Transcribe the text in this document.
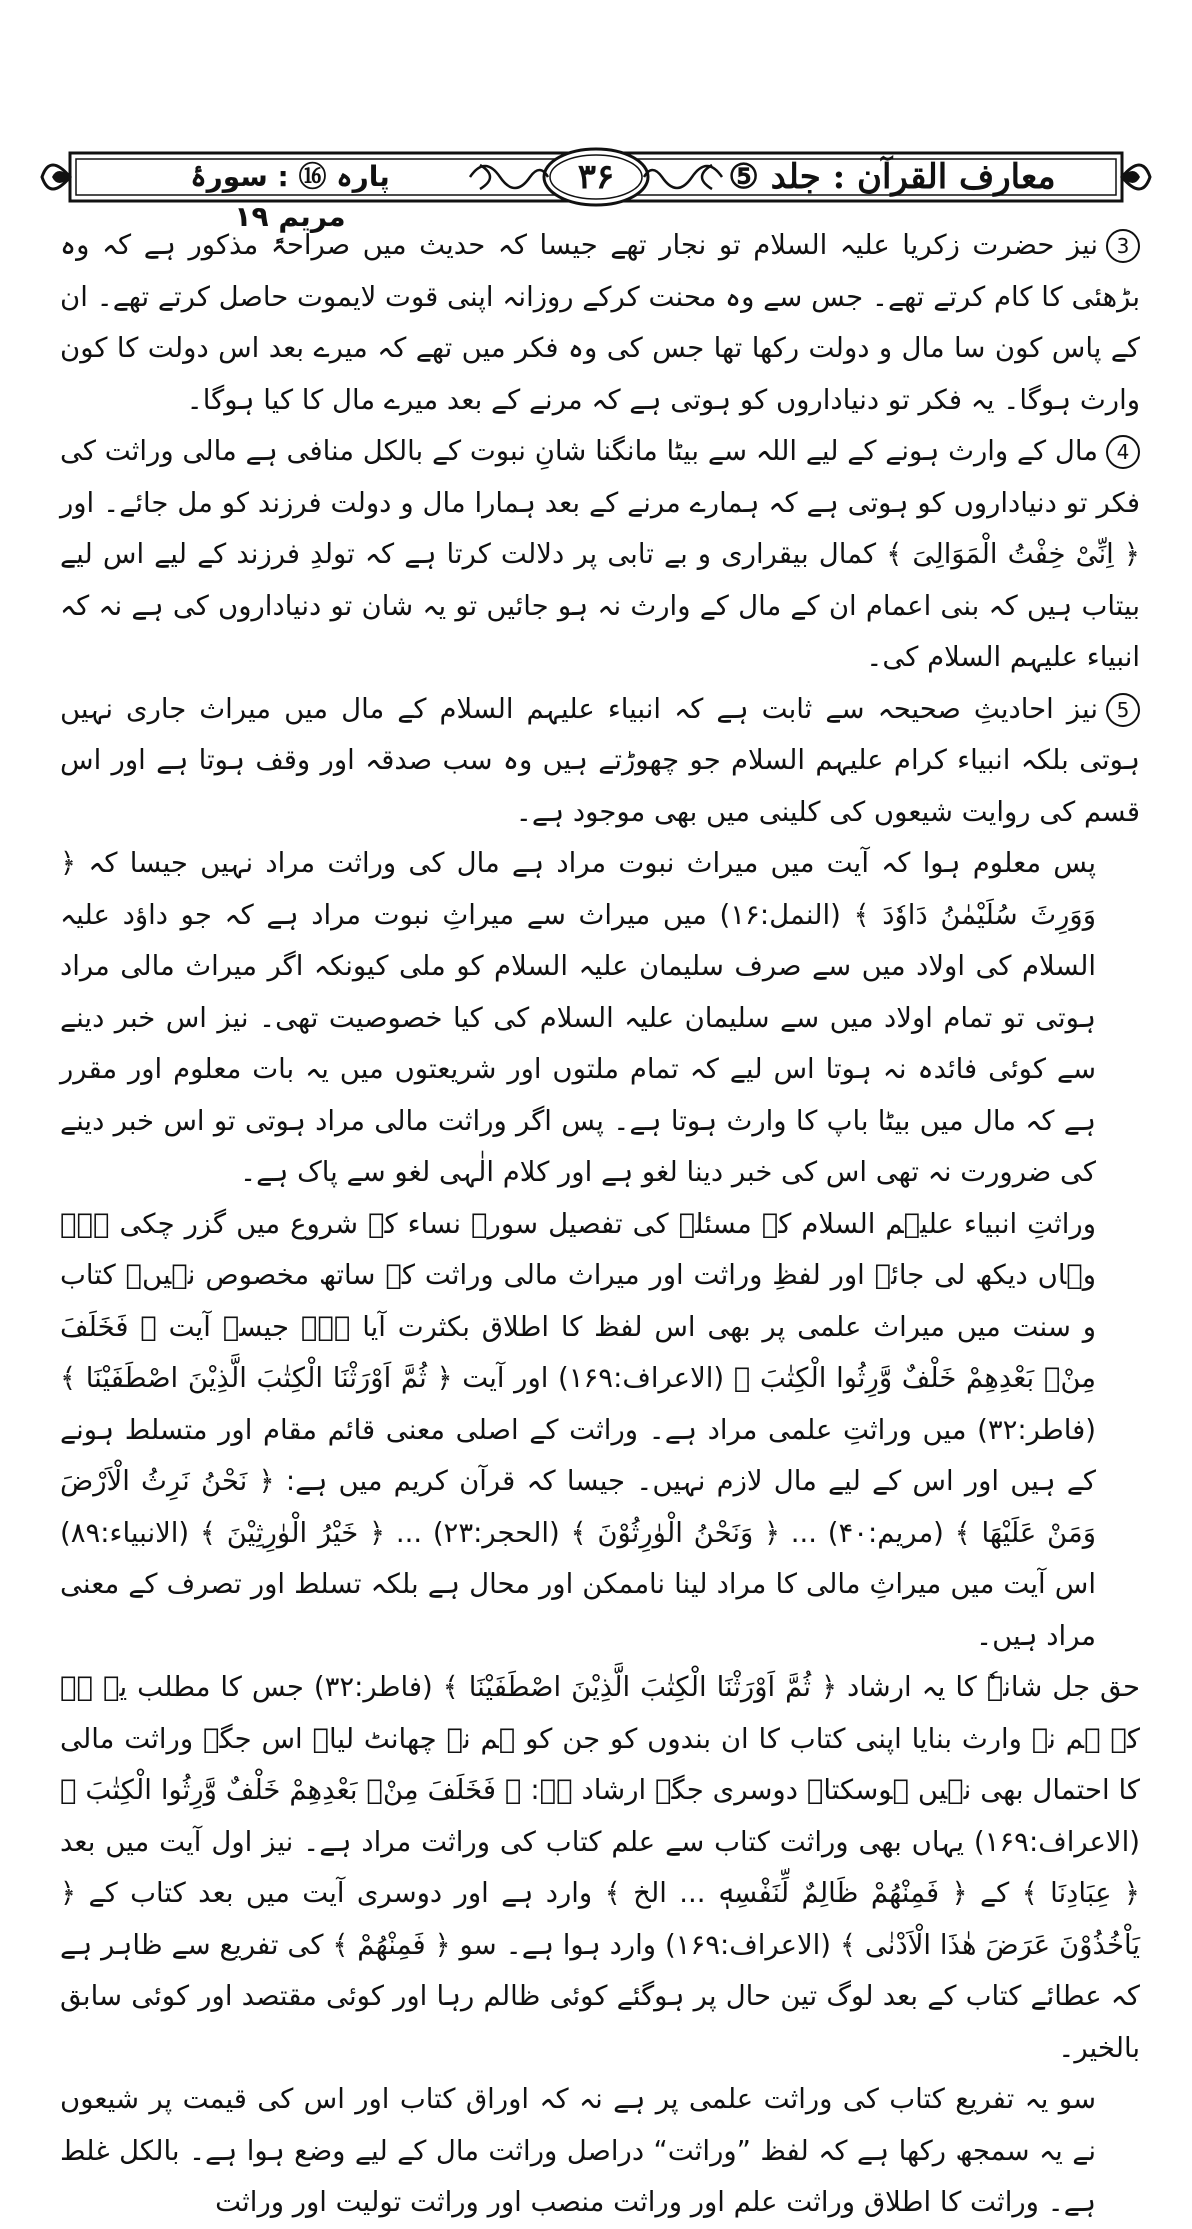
معارف القرآن : جلد ⑤
۳۶
پارہ ⑯ : سورۂ مریم ۱۹

3نیز حضرت زکریا علیہ السلام تو نجار تھے جیسا کہ حدیث میں صراحۃً مذکور ہے کہ وہ بڑھئی کا کام کرتے تھے۔ جس سے وہ محنت کرکے روزانہ اپنی قوت لایموت حاصل کرتے تھے۔ ان کے پاس کون سا مال و دولت رکھا تھا جس کی وہ فکر میں تھے کہ میرے بعد اس دولت کا کون وارث ہوگا۔ یہ فکر تو دنیاداروں کو ہوتی ہے کہ مرنے کے بعد میرے مال کا کیا ہوگا۔

4مال کے وارث ہونے کے لیے اللہ سے بیٹا مانگنا شانِ نبوت کے بالکل منافی ہے مالی وراثت کی فکر تو دنیاداروں کو ہوتی ہے کہ ہمارے مرنے کے بعد ہمارا مال و دولت فرزند کو مل جائے۔ اور ﴿ اِنِّیْ خِفْتُ الْمَوَالِیَ ﴾ کمال بیقراری و بے تابی پر دلالت کرتا ہے کہ تولدِ فرزند کے لیے اس لیے بیتاب ہیں کہ بنی اعمام ان کے مال کے وارث نہ ہو جائیں تو یہ شان تو دنیاداروں کی ہے نہ کہ انبیاء علیہم السلام کی۔

5نیز احادیثِ صحیحہ سے ثابت ہے کہ انبیاء علیہم السلام کے مال میں میراث جاری نہیں ہوتی بلکہ انبیاء کرام علیہم السلام جو چھوڑتے ہیں وہ سب صدقہ اور وقف ہوتا ہے اور اس قسم کی روایت شیعوں کی کلینی میں بھی موجود ہے۔

پس معلوم ہوا کہ آیت میں میراث نبوت مراد ہے مال کی وراثت مراد نہیں جیسا کہ ﴿ وَوَرِثَ سُلَیْمٰنُ دَاوٗدَ ﴾ (النمل:۱۶) میں میراث سے میراثِ نبوت مراد ہے کہ جو داؤد علیہ السلام کی اولاد میں سے صرف سلیمان علیہ السلام کو ملی کیونکہ اگر میراث مالی مراد ہوتی تو تمام اولاد میں سے سلیمان علیہ السلام کی کیا خصوصیت تھی۔ نیز اس خبر دینے سے کوئی فائدہ نہ ہوتا اس لیے کہ تمام ملتوں اور شریعتوں میں یہ بات معلوم اور مقرر ہے کہ مال میں بیٹا باپ کا وارث ہوتا ہے۔ پس اگر وراثت مالی مراد ہوتی تو اس خبر دینے کی ضرورت نہ تھی اس کی خبر دینا لغو ہے اور کلام الٰہی لغو سے پاک ہے۔

وراثتِ انبیاء علیہم السلام کے مسئلہ کی تفصیل سورۂ نساء کے شروع میں گزر چکی ہے۔ وہاں دیکھ لی جائے اور لفظِ وراثت اور میراث مالی وراثت کے ساتھ مخصوص نہیں۔ کتاب و سنت میں میراث علمی پر بھی اس لفظ کا اطلاق بکثرت آیا ہے۔ جیسے آیت ﴿ فَخَلَفَ مِنْۢ بَعْدِهِمْ خَلْفٌ وَّرِثُوا الْكِتٰبَ ﴾ (الاعراف:۱۶۹) اور آیت ﴿ ثُمَّ اَوْرَثْنَا الْكِتٰبَ الَّذِیْنَ اصْطَفَیْنَا ﴾ (فاطر:۳۲) میں وراثتِ علمی مراد ہے۔ وراثت کے اصلی معنی قائم مقام اور متسلط ہونے کے ہیں اور اس کے لیے مال لازم نہیں۔ جیسا کہ قرآن کریم میں ہے: ﴿ نَحْنُ نَرِثُ الْاَرْضَ وَمَنْ عَلَیْهَا ﴾ (مریم:۴۰) ... ﴿ وَنَحْنُ الْوٰرِثُوْنَ ﴾ (الحجر:۲۳) ... ﴿ خَیْرُ الْوٰرِثِیْنَ ﴾ (الانبیاء:۸۹) اس آیت میں میراثِ مالی کا مراد لینا ناممکن اور محال ہے بلکہ تسلط اور تصرف کے معنی مراد ہیں۔

حق جل شانہٗ کا یہ ارشاد ﴿ ثُمَّ اَوْرَثْنَا الْكِتٰبَ الَّذِیْنَ اصْطَفَیْنَا ﴾ (فاطر:۳۲) جس کا مطلب یہ ہے کہ ہم نے وارث بنایا اپنی کتاب کا ان بندوں کو جن کو ہم نے چھانٹ لیا۔ اس جگہ وراثت مالی کا احتمال بھی نہیں ہوسکتا۔ دوسری جگہ ارشاد ہے: ﴿ فَخَلَفَ مِنْۢ بَعْدِهِمْ خَلْفٌ وَّرِثُوا الْكِتٰبَ ﴾ (الاعراف:۱۶۹) یہاں بھی وراثت کتاب سے علم کتاب کی وراثت مراد ہے۔ نیز اول آیت میں بعد ﴿ عِبَادِنَا ﴾ کے ﴿ فَمِنْهُمْ ظَالِمٌ لِّنَفْسِهٖ ... الخ ﴾ وارد ہے اور دوسری آیت میں بعد کتاب کے ﴿ یَاْخُذُوْنَ عَرَضَ هٰذَا الْاَدْنٰی ﴾ (الاعراف:۱۶۹) وارد ہوا ہے۔ سو ﴿ فَمِنْهُمْ ﴾ کی تفریع سے ظاہر ہے کہ عطائے کتاب کے بعد لوگ تین حال پر ہوگئے کوئی ظالم رہا اور کوئی مقتصد اور کوئی سابق بالخیر۔

سو یہ تفریع کتاب کی وراثت علمی پر ہے نہ کہ اوراق کتاب اور اس کی قیمت پر شیعوں نے یہ سمجھ رکھا ہے کہ لفظ ”وراثت“ دراصل وراثت مال کے لیے وضع ہوا ہے۔ بالکل غلط ہے۔ وراثت کا اطلاق وراثت علم اور وراثت منصب اور وراثت تولیت اور وراثت
